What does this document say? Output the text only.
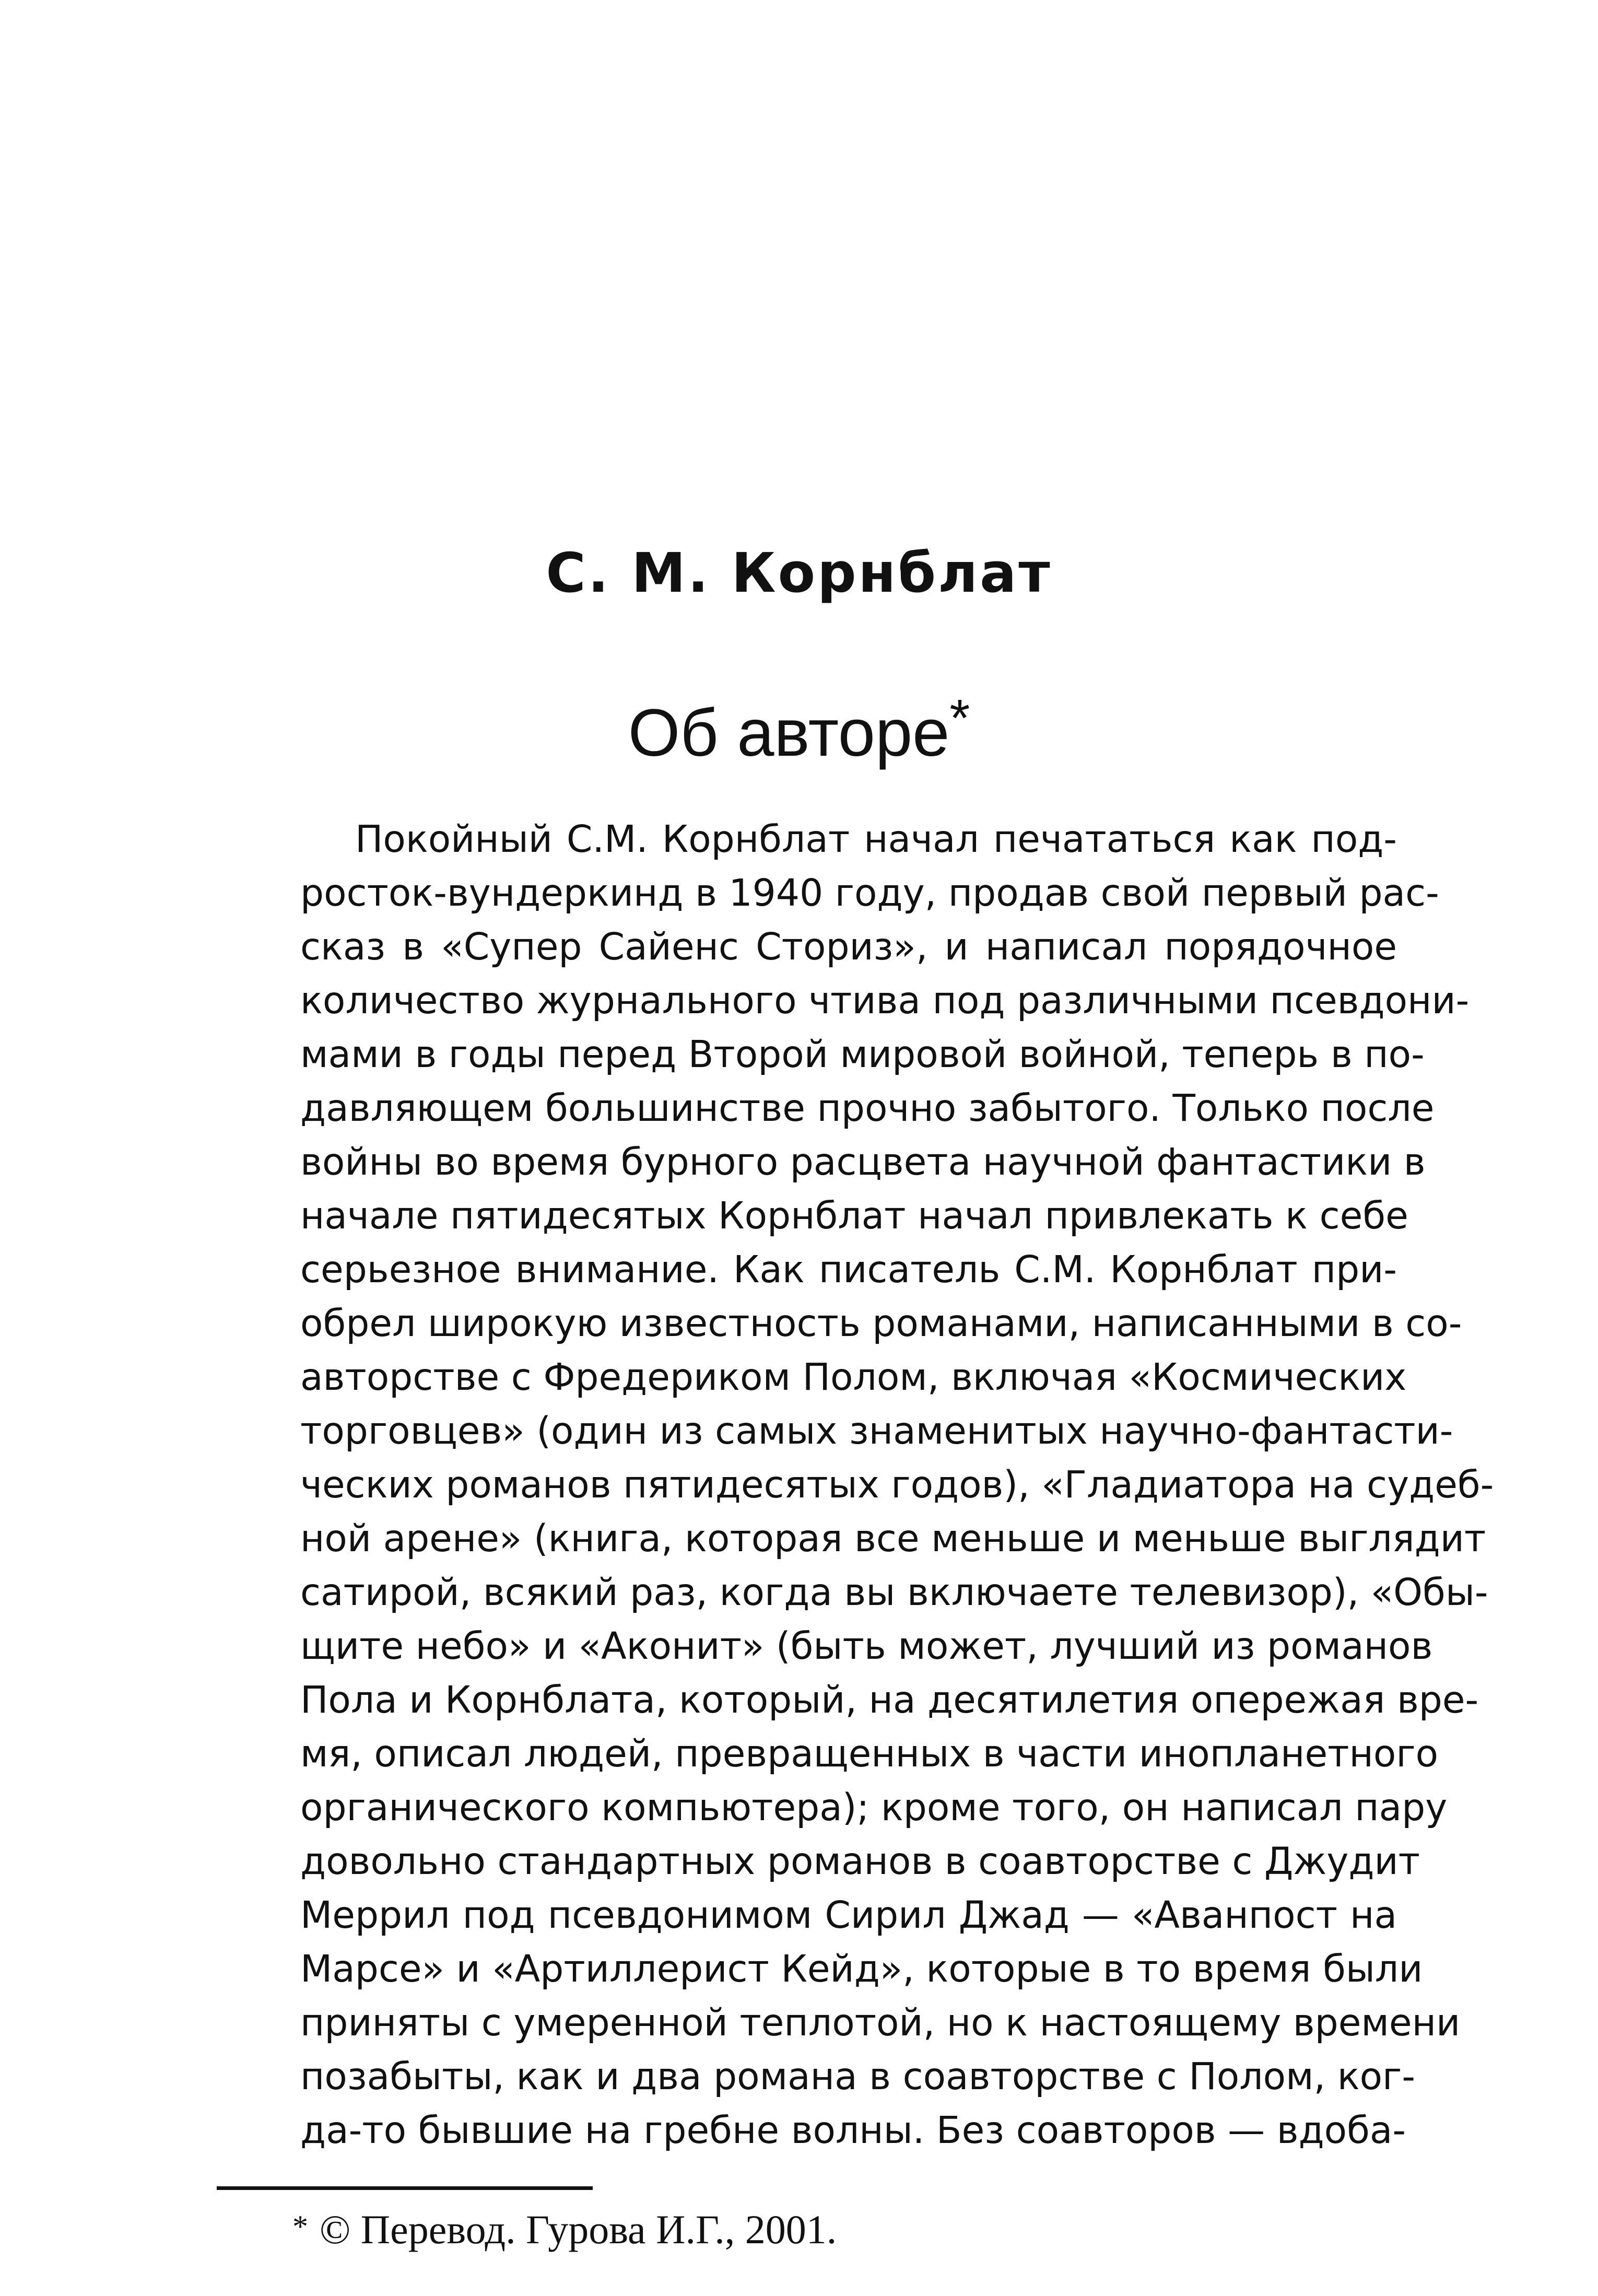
С. М. Корнблат
Об авторе*
Покойный С.М. Корнблат начал печататься как под-
росток-вундеркинд в 1940 году, продав свой первый рас-
сказ в «Супер Сайенс Сториз», и написал порядочное
количество журнального чтива под различными псевдони-
мами в годы перед Второй мировой войной, теперь в по-
давляющем большинстве прочно забытого. Только после
войны во время бурного расцвета научной фантастики в
начале пятидесятых Корнблат начал привлекать к себе
серьезное внимание. Как писатель С.М. Корнблат при-
обрел широкую известность романами, написанными в со-
авторстве с Фредериком Полом, включая «Космических
торговцев» (один из самых знаменитых научно-фантасти-
ческих романов пятидесятых годов), «Гладиатора на судеб-
ной арене» (книга, которая все меньше и меньше выглядит
сатирой, всякий раз, когда вы включаете телевизор), «Обы-
щите небо» и «Аконит» (быть может, лучший из романов
Пола и Корнблата, который, на десятилетия опережая вре-
мя, описал людей, превращенных в части инопланетного
органического компьютера); кроме того, он написал пару
довольно стандартных романов в соавторстве с Джудит
Меррил под псевдонимом Сирил Джад — «Аванпост на
Марсе» и «Артиллерист Кейд», которые в то время были
приняты с умеренной теплотой, но к настоящему времени
позабыты, как и два романа в соавторстве с Полом, ког-
да-то бывшие на гребне волны. Без соавторов — вдоба-
* © Перевод. Гурова И.Г., 2001.
